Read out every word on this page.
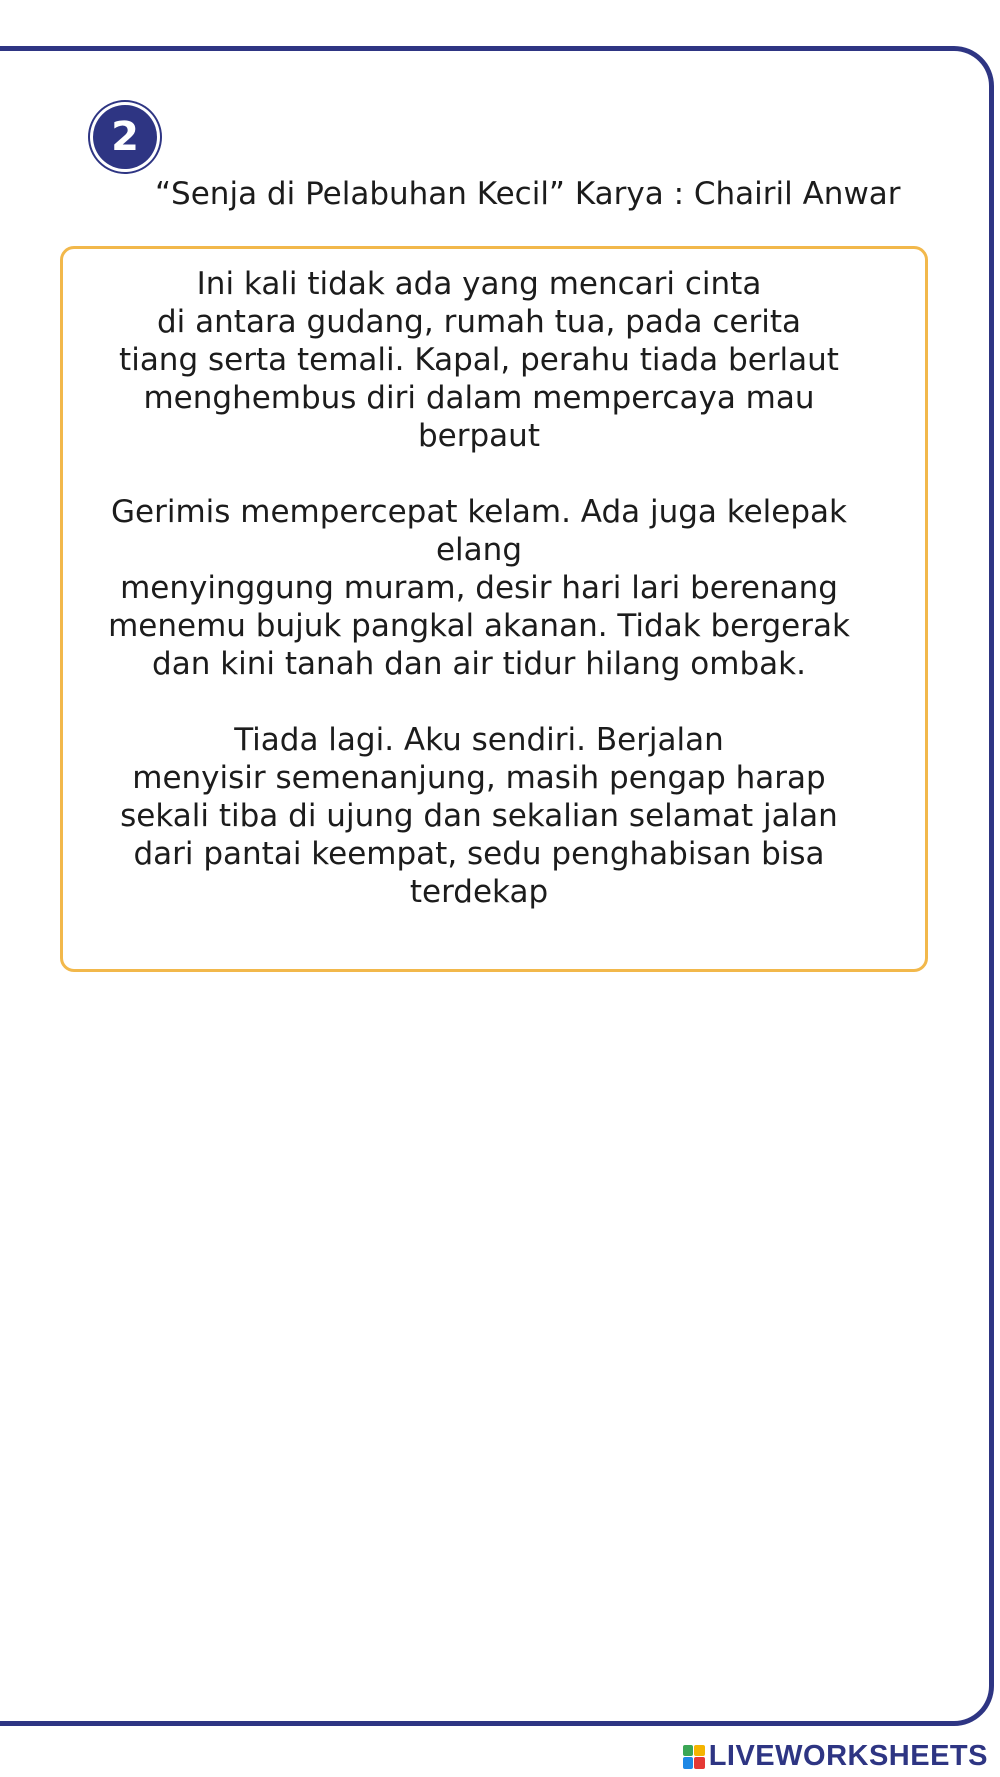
2
“Senja di Pelabuhan Kecil” Karya : Chairil Anwar
Ini kali tidak ada yang mencari cinta
di antara gudang, rumah tua, pada cerita
tiang serta temali. Kapal, perahu tiada berlaut
menghembus diri dalam mempercaya mau
berpaut
Gerimis mempercepat kelam. Ada juga kelepak
elang
menyinggung muram, desir hari lari berenang
menemu bujuk pangkal akanan. Tidak bergerak
dan kini tanah dan air tidur hilang ombak.
Tiada lagi. Aku sendiri. Berjalan
menyisir semenanjung, masih pengap harap
sekali tiba di ujung dan sekalian selamat jalan
dari pantai keempat, sedu penghabisan bisa
terdekap
LIVEWORKSHEETS
